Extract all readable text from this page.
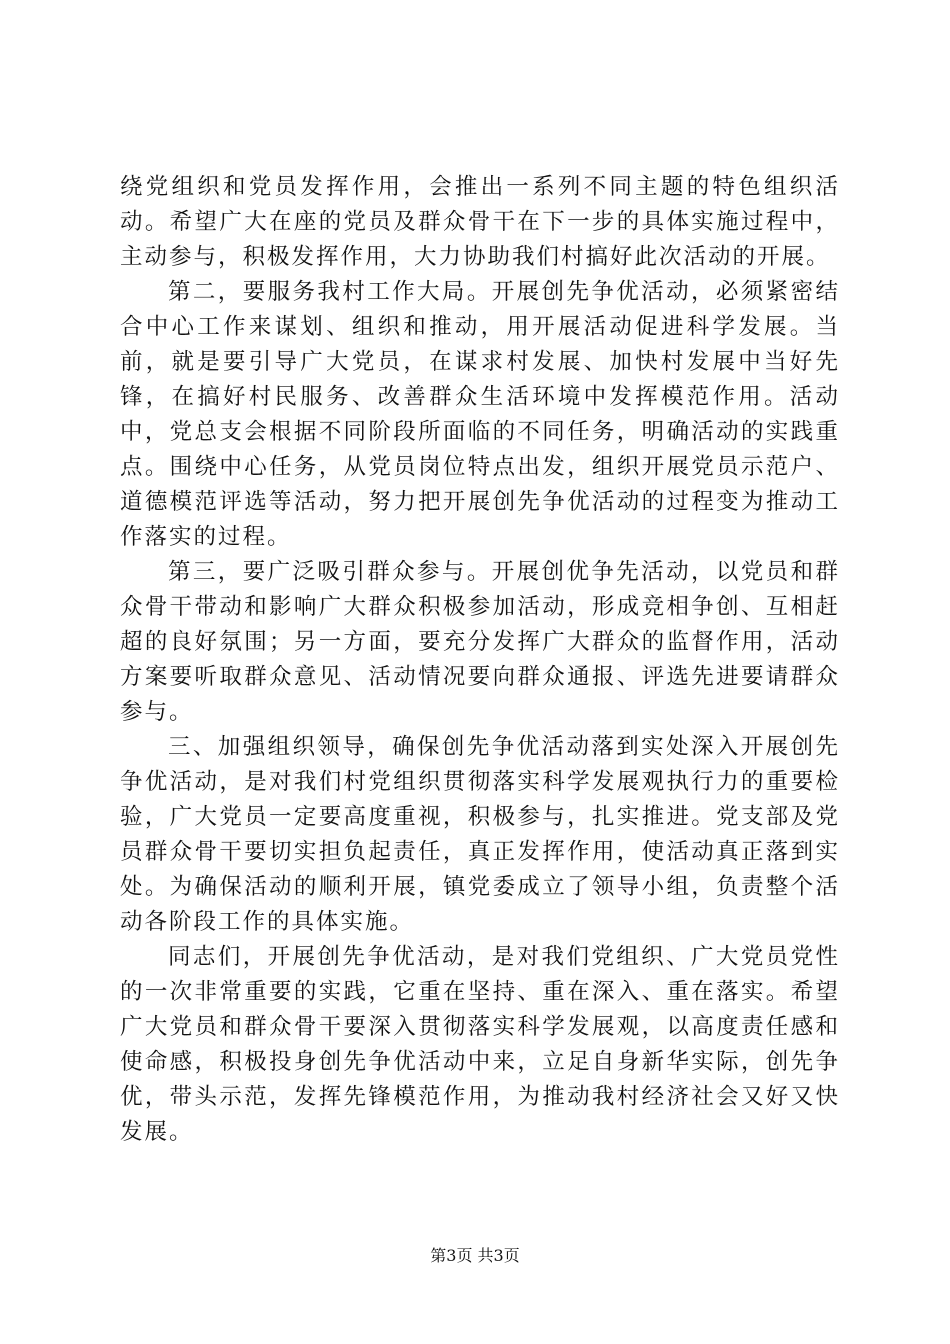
绕党组织和党员发挥作用，会推出一系列不同主题的特色组织活动。希望广大在座的党员及群众骨干在下一步的具体实施过程中，主动参与，积极发挥作用，大力协助我们村搞好此次活动的开展。

第二，要服务我村工作大局。开展创先争优活动，必须紧密结合中心工作来谋划、组织和推动，用开展活动促进科学发展。当前，就是要引导广大党员，在谋求村发展、加快村发展中当好先锋，在搞好村民服务、改善群众生活环境中发挥模范作用。活动中，党总支会根据不同阶段所面临的不同任务，明确活动的实践重点。围绕中心任务，从党员岗位特点出发，组织开展党员示范户、道德模范评选等活动，努力把开展创先争优活动的过程变为推动工作落实的过程。

第三，要广泛吸引群众参与。开展创优争先活动，以党员和群众骨干带动和影响广大群众积极参加活动，形成竞相争创、互相赶超的良好氛围；另一方面，要充分发挥广大群众的监督作用，活动方案要听取群众意见、活动情况要向群众通报、评选先进要请群众参与。

三、加强组织领导，确保创先争优活动落到实处深入开展创先争优活动，是对我们村党组织贯彻落实科学发展观执行力的重要检验，广大党员一定要高度重视，积极参与，扎实推进。党支部及党员群众骨干要切实担负起责任，真正发挥作用，使活动真正落到实处。为确保活动的顺利开展，镇党委成立了领导小组，负责整个活动各阶段工作的具体实施。

同志们，开展创先争优活动，是对我们党组织、广大党员党性的一次非常重要的实践，它重在坚持、重在深入、重在落实。希望广大党员和群众骨干要深入贯彻落实科学发展观，以高度责任感和使命感，积极投身创先争优活动中来，立足自身新华实际，创先争优，带头示范，发挥先锋模范作用，为推动我村经济社会又好又快发展。

第3页 共3页
